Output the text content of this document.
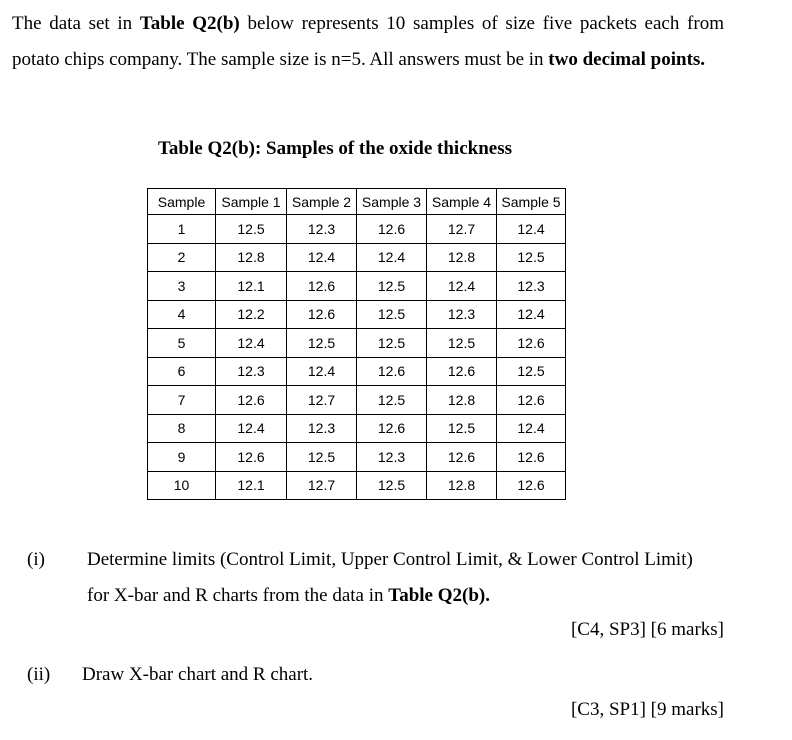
The data set in Table Q2(b) below represents 10 samples of size five packets each from potato chips company. The sample size is n=5. All answers must be in two decimal points.
Table Q2(b): Samples of the oxide thickness
Sample	Sample 1	Sample 2	Sample 3	Sample 4	Sample 5
1	12.5	12.3	12.6	12.7	12.4
2	12.8	12.4	12.4	12.8	12.5
3	12.1	12.6	12.5	12.4	12.3
4	12.2	12.6	12.5	12.3	12.4
5	12.4	12.5	12.5	12.5	12.6
6	12.3	12.4	12.6	12.6	12.5
7	12.6	12.7	12.5	12.8	12.6
8	12.4	12.3	12.6	12.5	12.4
9	12.6	12.5	12.3	12.6	12.6
10	12.1	12.7	12.5	12.8	12.6
(i) Determine limits (Control Limit, Upper Control Limit, & Lower Control Limit)
for X-bar and R charts from the data in Table Q2(b).
[C4, SP3] [6 marks]
(ii) Draw X-bar chart and R chart.
[C3, SP1] [9 marks]
